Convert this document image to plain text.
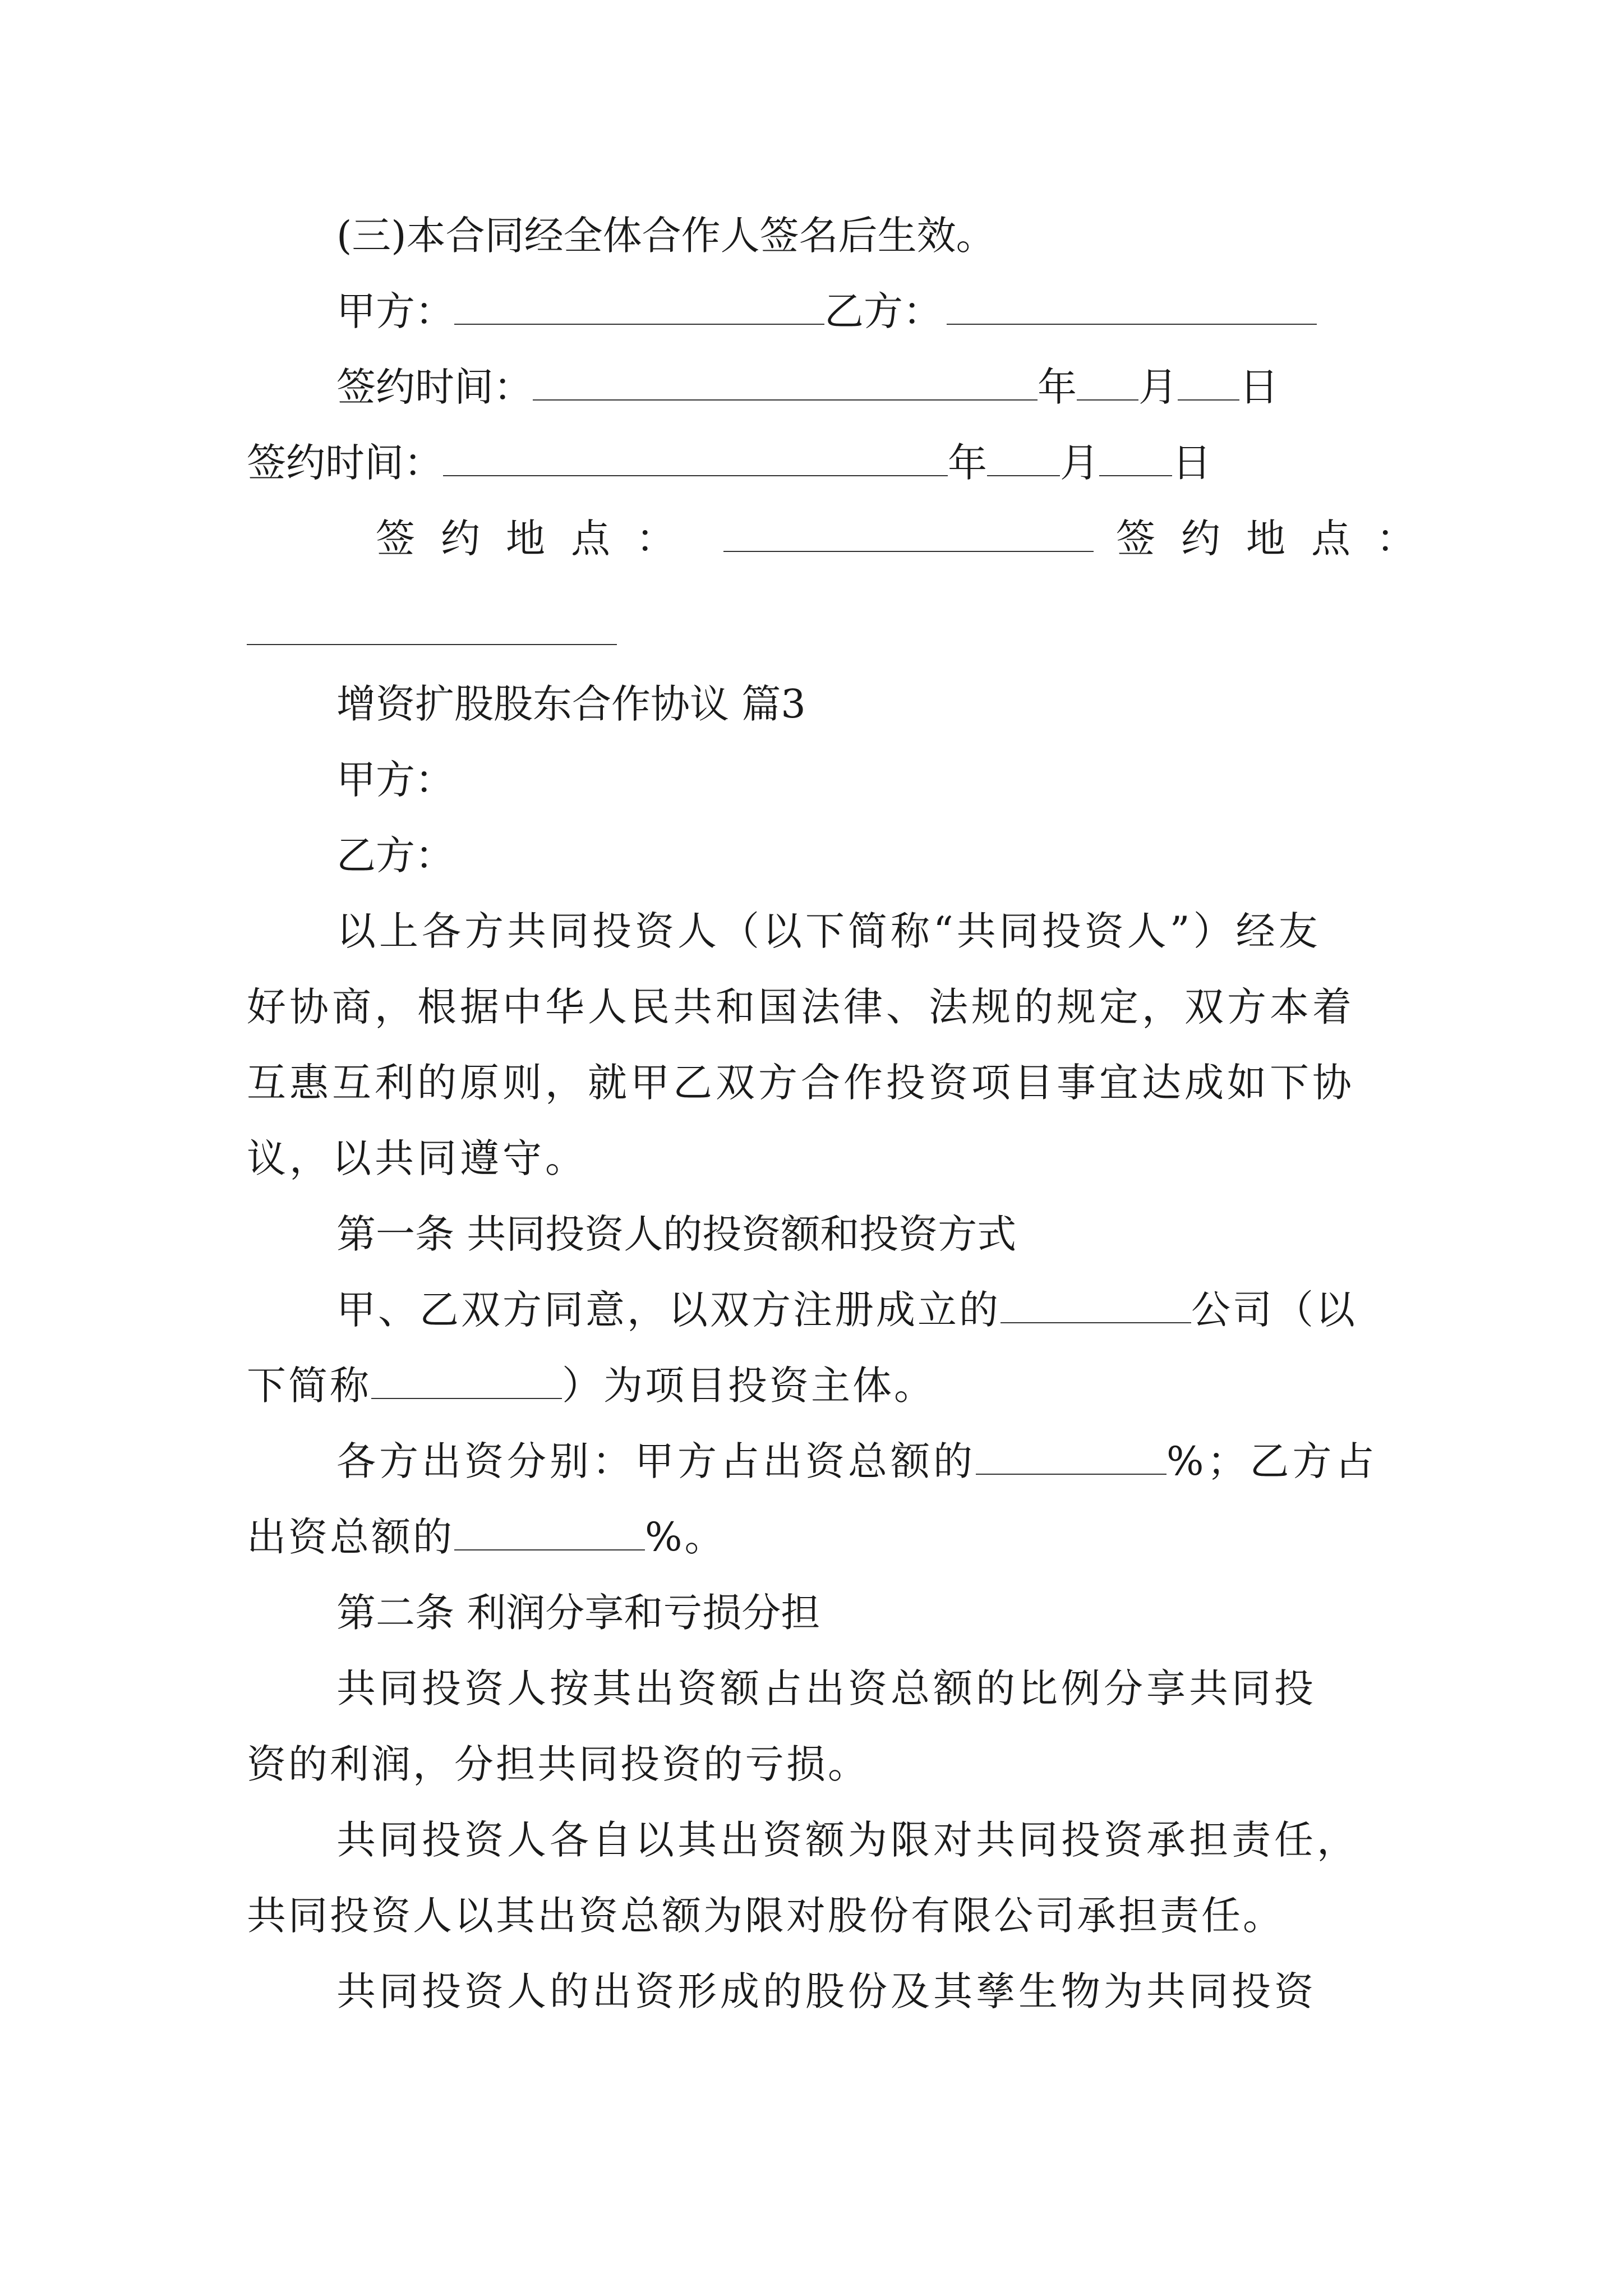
(三)本合同经全体合作人签名后生效。
甲方：	乙方：
签约时间：	年 月 日
签约时间：	年 月 日
签约地点：	签约地点：
增资扩股股东合作协议 篇3
甲方：
乙方：
以上各方共同投资人（以下简称“共同投资人”）经友
好协商，根据中华人民共和国法律、法规的规定，双方本着
互惠互利的原则，就甲乙双方合作投资项目事宜达成如下协
议，以共同遵守。
第一条 共同投资人的投资额和投资方式
甲、乙双方同意，以双方注册成立的	公司（以
下简称	）为项目投资主体。
各方出资分别：甲方占出资总额的	%；乙方占
出资总额的	%。
第二条 利润分享和亏损分担
共同投资人按其出资额占出资总额的比例分享共同投
资的利润，分担共同投资的亏损。
共同投资人各自以其出资额为限对共同投资承担责任，
共同投资人以其出资总额为限对股份有限公司承担责任。
共同投资人的出资形成的股份及其孳生物为共同投资
